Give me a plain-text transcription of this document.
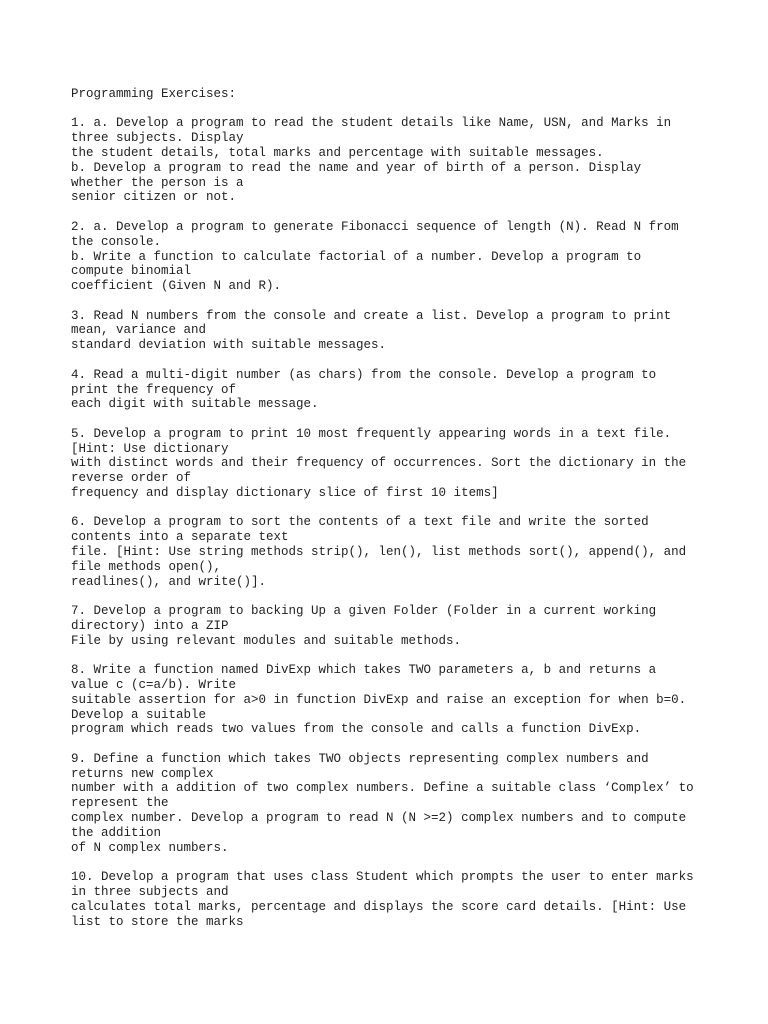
Programming Exercises:
1. a. Develop a program to read the student details like Name, USN, and Marks in
three subjects. Display
the student details, total marks and percentage with suitable messages.
b. Develop a program to read the name and year of birth of a person. Display
whether the person is a
senior citizen or not.
2. a. Develop a program to generate Fibonacci sequence of length (N). Read N from
the console.
b. Write a function to calculate factorial of a number. Develop a program to
compute binomial
coefficient (Given N and R).
3. Read N numbers from the console and create a list. Develop a program to print
mean, variance and
standard deviation with suitable messages.
4. Read a multi-digit number (as chars) from the console. Develop a program to
print the frequency of
each digit with suitable message.
5. Develop a program to print 10 most frequently appearing words in a text file.
[Hint: Use dictionary
with distinct words and their frequency of occurrences. Sort the dictionary in the
reverse order of
frequency and display dictionary slice of first 10 items]
6. Develop a program to sort the contents of a text file and write the sorted
contents into a separate text
file. [Hint: Use string methods strip(), len(), list methods sort(), append(), and
file methods open(),
readlines(), and write()].
7. Develop a program to backing Up a given Folder (Folder in a current working
directory) into a ZIP
File by using relevant modules and suitable methods.
8. Write a function named DivExp which takes TWO parameters a, b and returns a
value c (c=a/b). Write
suitable assertion for a>0 in function DivExp and raise an exception for when b=0.
Develop a suitable
program which reads two values from the console and calls a function DivExp.
9. Define a function which takes TWO objects representing complex numbers and
returns new complex
number with a addition of two complex numbers. Define a suitable class ‘Complex’ to
represent the
complex number. Develop a program to read N (N >=2) complex numbers and to compute
the addition
of N complex numbers.
10. Develop a program that uses class Student which prompts the user to enter marks
in three subjects and
calculates total marks, percentage and displays the score card details. [Hint: Use
list to store the marks
